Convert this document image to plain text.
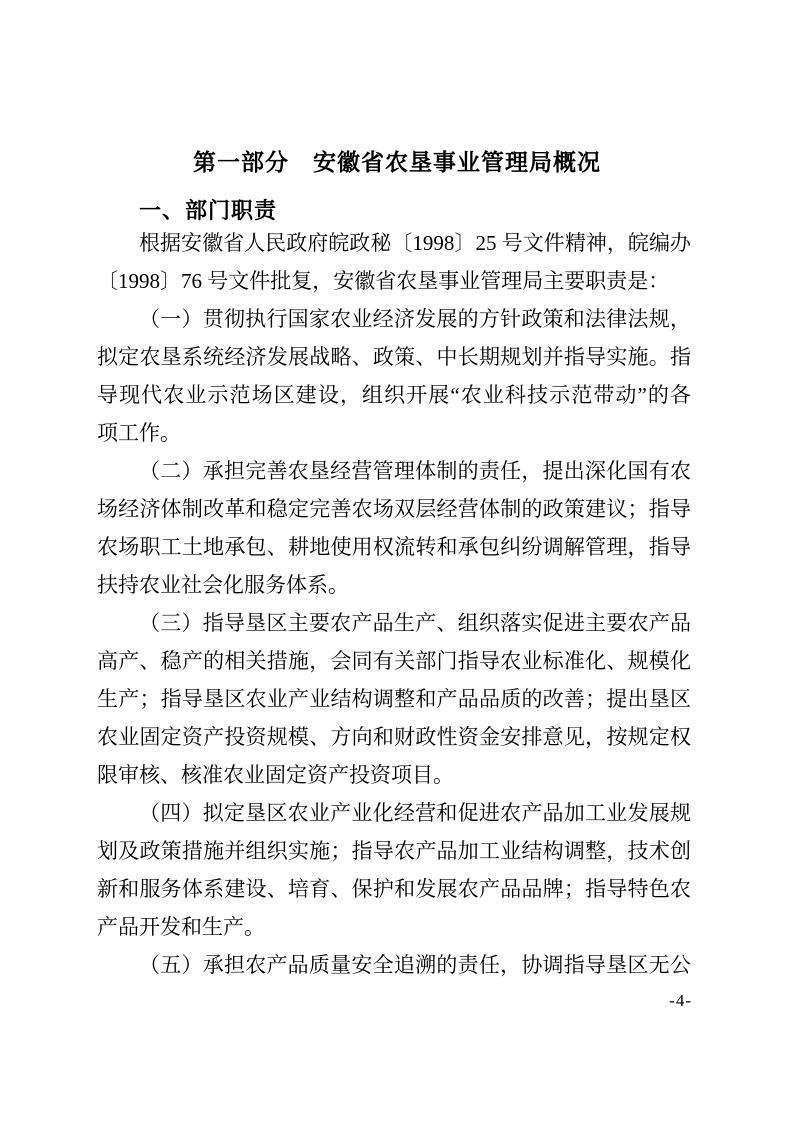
第一部分　安徽省农垦事业管理局概况
一、部门职责
根据安徽省人民政府皖政秘〔1998〕25 号文件精神，皖编办
〔1998〕76 号文件批复，安徽省农垦事业管理局主要职责是：
（一）贯彻执行国家农业经济发展的方针政策和法律法规，
拟定农垦系统经济发展战略、政策、中长期规划并指导实施。指
导现代农业示范场区建设，组织开展“农业科技示范带动”的各
项工作。
（二）承担完善农垦经营管理体制的责任，提出深化国有农
场经济体制改革和稳定完善农场双层经营体制的政策建议；指导
农场职工土地承包、耕地使用权流转和承包纠纷调解管理，指导
扶持农业社会化服务体系。
（三）指导垦区主要农产品生产、组织落实促进主要农产品
高产、稳产的相关措施，会同有关部门指导农业标准化、规模化
生产；指导垦区农业产业结构调整和产品品质的改善；提出垦区
农业固定资产投资规模、方向和财政性资金安排意见，按规定权
限审核、核准农业固定资产投资项目。
（四）拟定垦区农业产业化经营和促进农产品加工业发展规
划及政策措施并组织实施；指导农产品加工业结构调整，技术创
新和服务体系建设、培育、保护和发展农产品品牌；指导特色农
产品开发和生产。
（五）承担农产品质量安全追溯的责任，协调指导垦区无公
-4-
